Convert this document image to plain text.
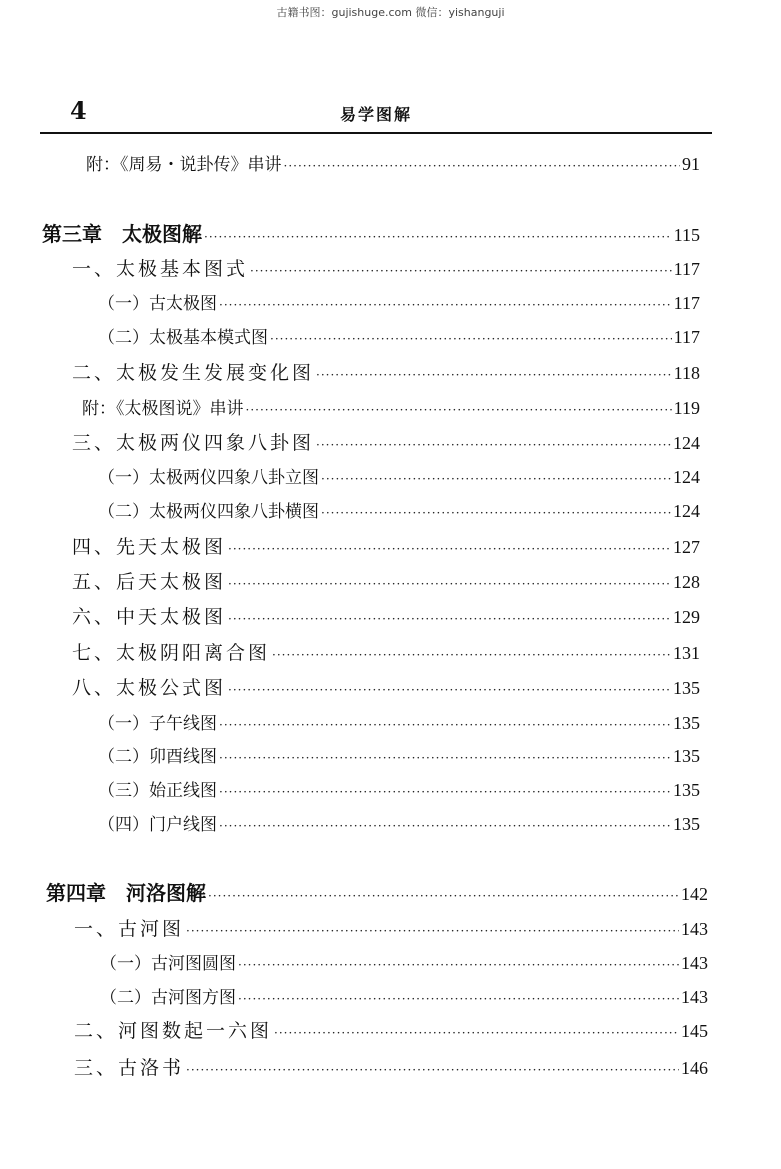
古籍书图：gujishuge.com 微信：yishanguji
4	易学图解
附：《周易・说卦传》串讲 ·····	91
第三章　太极图解 ·····	115
一、太极基本图式 ·····	117
（一）古太极图 ·····	117
（二）太极基本模式图 ·····	117
二、太极发生发展变化图 ·····	118
附：《太极图说》串讲 ·····	119
三、太极两仪四象八卦图 ·····	124
（一）太极两仪四象八卦立图 ·····	124
（二）太极两仪四象八卦横图 ·····	124
四、先天太极图 ·····	127
五、后天太极图 ·····	128
六、中天太极图 ·····	129
七、太极阴阳离合图 ·····	131
八、太极公式图 ·····	135
（一）子午线图 ·····	135
（二）卯酉线图 ·····	135
（三）始正线图 ·····	135
（四）门户线图 ·····	135
第四章　河洛图解 ·····	142
一、古河图 ·····	143
（一）古河图圆图 ·····	143
（二）古河图方图 ·····	143
二、河图数起一六图 ·····	145
三、古洛书 ·····	146
